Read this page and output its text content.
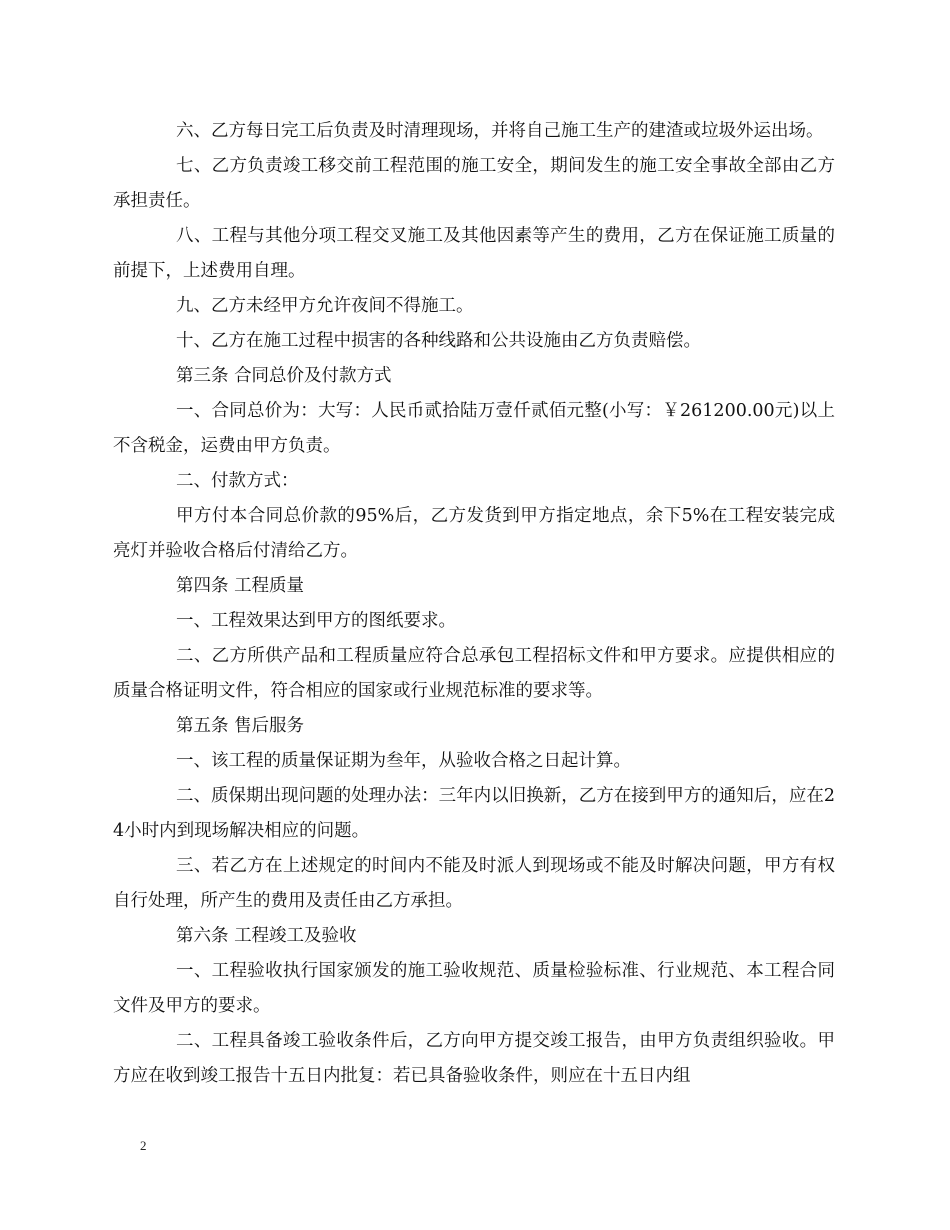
六、乙方每日完工后负责及时清理现场，并将自己施工生产的建渣或垃圾外运出场。

七、乙方负责竣工移交前工程范围的施工安全，期间发生的施工安全事故全部由乙方承担责任。

八、工程与其他分项工程交叉施工及其他因素等产生的费用，乙方在保证施工质量的前提下，上述费用自理。

九、乙方未经甲方允许夜间不得施工。

十、乙方在施工过程中损害的各种线路和公共设施由乙方负责赔偿。

第三条 合同总价及付款方式

一、合同总价为：大写：人民币贰拾陆万壹仟贰佰元整(小写：￥261200.00元)以上不含税金，运费由甲方负责。

二、付款方式：

甲方付本合同总价款的95%后，乙方发货到甲方指定地点，余下5%在工程安装完成亮灯并验收合格后付清给乙方。

第四条 工程质量

一、工程效果达到甲方的图纸要求。

二、乙方所供产品和工程质量应符合总承包工程招标文件和甲方要求。应提供相应的质量合格证明文件，符合相应的国家或行业规范标准的要求等。

第五条 售后服务

一、该工程的质量保证期为叁年，从验收合格之日起计算。

二、质保期出现问题的处理办法：三年内以旧换新，乙方在接到甲方的通知后，应在24小时内到现场解决相应的问题。

三、若乙方在上述规定的时间内不能及时派人到现场或不能及时解决问题，甲方有权自行处理，所产生的费用及责任由乙方承担。

第六条 工程竣工及验收

一、工程验收执行国家颁发的施工验收规范、质量检验标准、行业规范、本工程合同文件及甲方的要求。

二、工程具备竣工验收条件后，乙方向甲方提交竣工报告，由甲方负责组织验收。甲方应在收到竣工报告十五日内批复：若已具备验收条件，则应在十五日内组

2
